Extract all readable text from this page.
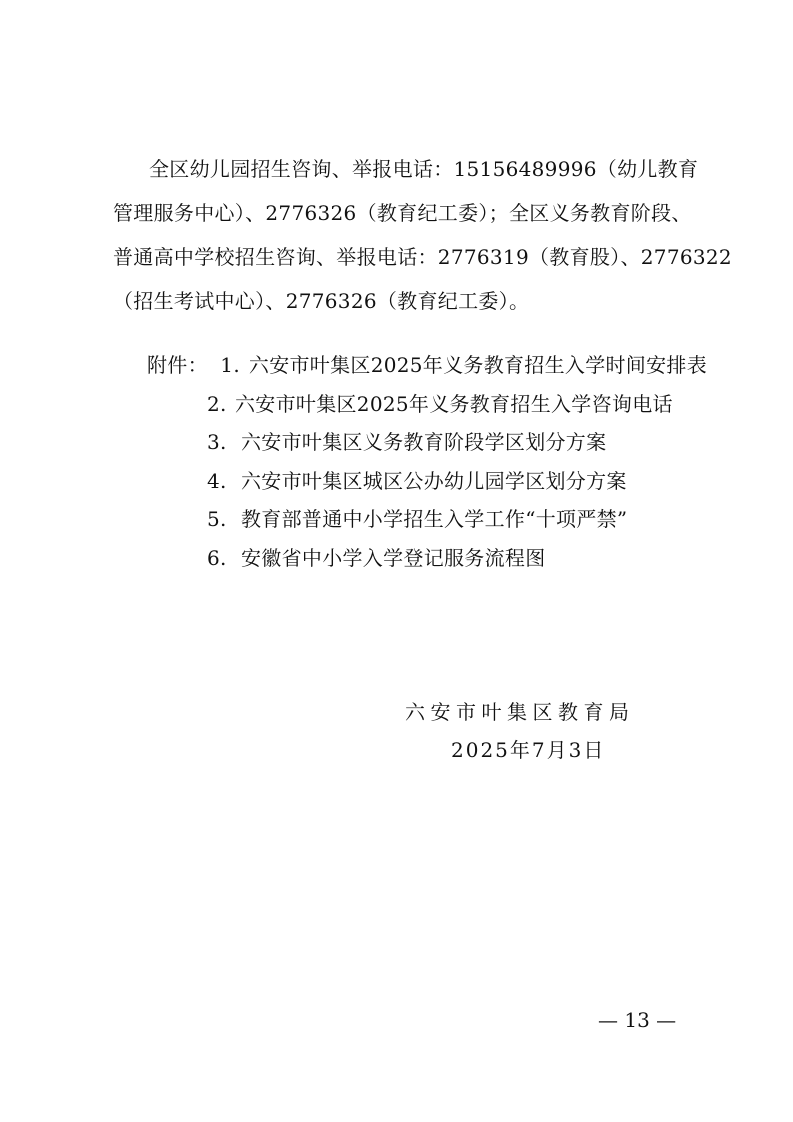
全区幼儿园招生咨询、举报电话：15156489996（幼儿教育
管理服务中心）、2776326（教育纪工委）；全区义务教育阶段、
普通高中学校招生咨询、举报电话：2776319（教育股）、2776322
（招生考试中心）、2776326（教育纪工委）。
附件： 1. 六安市叶集区2025年义务教育招生入学时间安排表
2. 六安市叶集区2025年义务教育招生入学咨询电话
3. 六安市叶集区义务教育阶段学区划分方案
4. 六安市叶集区城区公办幼儿园学区划分方案
5. 教育部普通中小学招生入学工作“十项严禁”
6. 安徽省中小学入学登记服务流程图
六安市叶集区教育局
2025年7月3日
— 13 —
